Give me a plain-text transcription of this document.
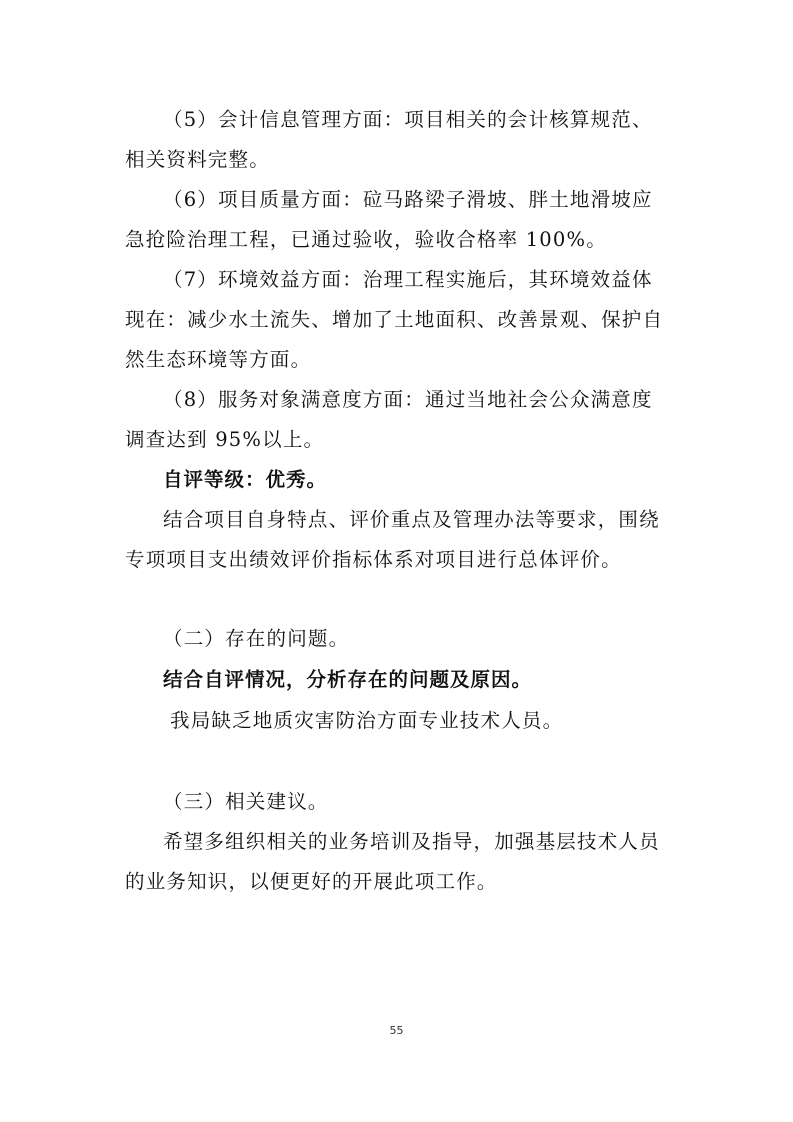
（5）会计信息管理方面：项目相关的会计核算规范、
相关资料完整。
（6）项目质量方面：砬马路梁子滑坡、胖土地滑坡应
急抢险治理工程，已通过验收，验收合格率 100%。
（7）环境效益方面：治理工程实施后，其环境效益体
现在：减少水土流失、增加了土地面积、改善景观、保护自
然生态环境等方面。
（8）服务对象满意度方面：通过当地社会公众满意度
调查达到 95%以上。
自评等级：优秀。
结合项目自身特点、评价重点及管理办法等要求，围绕
专项项目支出绩效评价指标体系对项目进行总体评价。
（二）存在的问题。
结合自评情况，分析存在的问题及原因。
我局缺乏地质灾害防治方面专业技术人员。
（三）相关建议。
希望多组织相关的业务培训及指导，加强基层技术人员
的业务知识，以便更好的开展此项工作。
55
